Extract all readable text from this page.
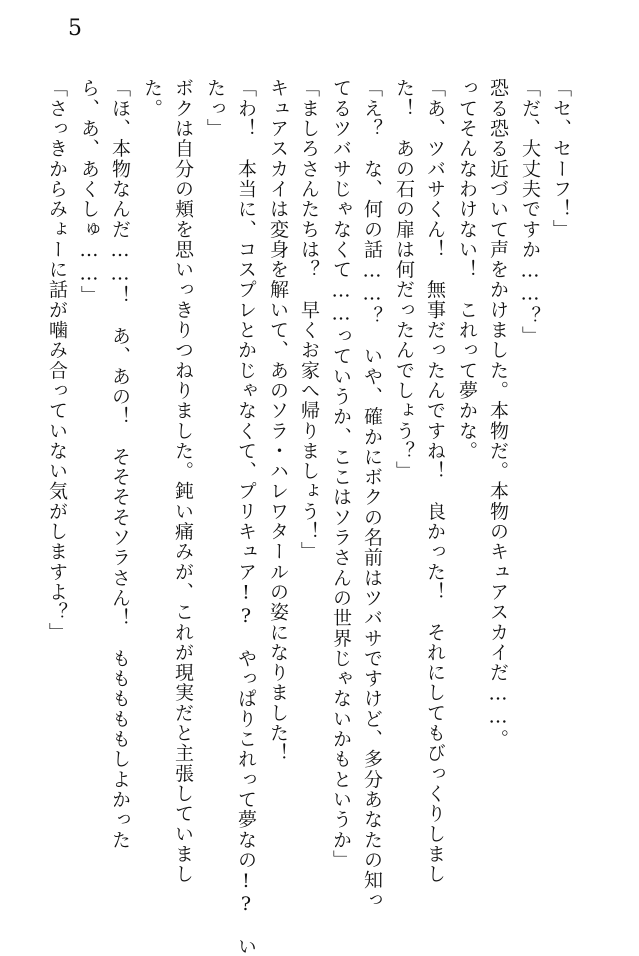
5
「セ、セーフ！」
「だ、大丈夫ですか……？」
恐る恐る近づいて声をかけました。本物だ。本物のキュアスカイだ……。
ってそんなわけない！　これって夢かな。
「あ、ツバサくん！　無事だったんですね！　良かった！　それにしてもびっくりしまし
た！　あの石の扉は何だったんでしょう？」
「え？　な、何の話……？　いや、確かにボクの名前はツバサですけど、多分あなたの知っ
てるツバサじゃなくて……っていうか、ここはソラさんの世界じゃないかもというか」
「ましろさんたちは？　早くお家へ帰りましょう！」
キュアスカイは変身を解いて、あのソラ・ハレワタールの姿になりました！
「わ！　本当に、コスプレとかじゃなくて、プリキュア!?　やっぱりこれって夢なの!?　い
たっ」
ボクは自分の頬を思いっきりつねりました。鈍い痛みが、これが現実だと主張していまし
た。
「ほ、本物なんだ……！　あ、あの！　そそそそソラさん！　もももももしよかった
ら、あ、あくしゅ……」
「さっきからみょーに話が噛み合っていない気がしますよ？」
